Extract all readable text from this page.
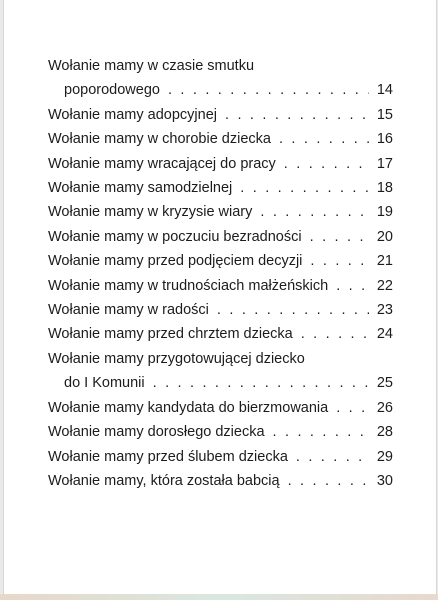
Wołanie mamy w czasie smutku
poporodowego . . .	14
Wołanie mamy adopcyjnej . . .	15
Wołanie mamy w chorobie dziecka . . .	16
Wołanie mamy wracającej do pracy . . .	17
Wołanie mamy samodzielnej . . .	18
Wołanie mamy w kryzysie wiary . . .	19
Wołanie mamy w poczuciu bezradności . . .	20
Wołanie mamy przed podjęciem decyzji . . .	21
Wołanie mamy w trudnościach małżeńskich . . .	22
Wołanie mamy w radości . . .	23
Wołanie mamy przed chrztem dziecka . . .	24
Wołanie mamy przygotowującej dziecko
do I Komunii . . .	25
Wołanie mamy kandydata do bierzmowania . . .	26
Wołanie mamy dorosłego dziecka . . .	28
Wołanie mamy przed ślubem dziecka . . .	29
Wołanie mamy, która została babcią . . .	30
